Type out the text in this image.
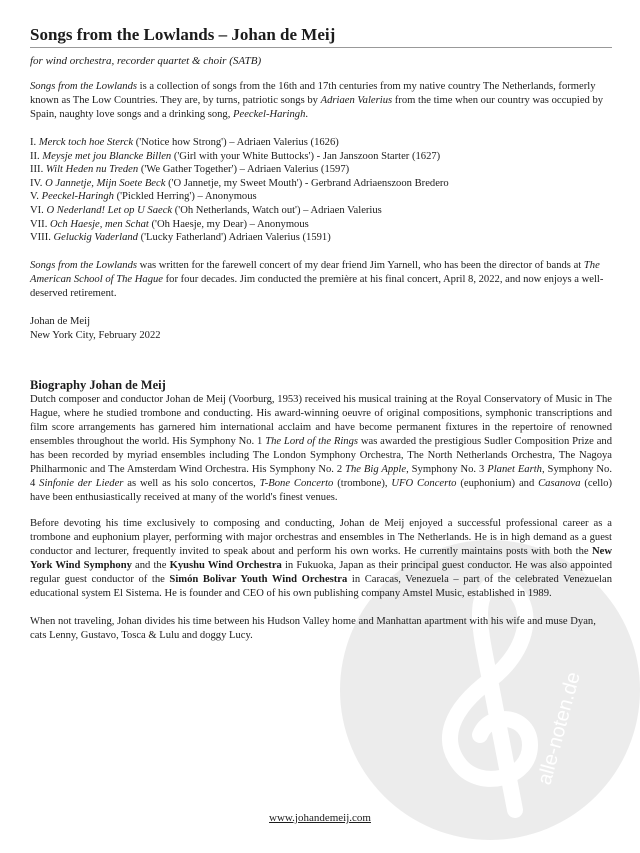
alle-noten.de
Songs from the Lowlands – Johan de Meij
for wind orchestra, recorder quartet & choir (SATB)

Songs from the Lowlands is a collection of songs from the 16th and 17th centuries from my native country The Netherlands, formerly known as The Low Countries. They are, by turns, patriotic songs by Adriaen Valerius from the time when our country was occupied by Spain, naughty love songs and a drinking song, Peeckel-Haringh.

I. Merck toch hoe Sterck ('Notice how Strong') – Adriaen Valerius (1626)
II. Meysje met jou Blancke Billen ('Girl with your White Buttocks') - Jan Janszoon Starter (1627)
III. Wilt Heden nu Treden ('We Gather Together') – Adriaen Valerius (1597)
IV. O Jannetje, Mijn Soete Beck ('O Jannetje, my Sweet Mouth') - Gerbrand Adriaenszoon Bredero
V. Peeckel-Haringh ('Pickled Herring') – Anonymous
VI. O Nederland! Let op U Saeck ('Oh Netherlands, Watch out') – Adriaen Valerius
VII. Och Haesje, men Schat ('Oh Haesje, my Dear) – Anonymous
VIII. Geluckig Vaderland ('Lucky Fatherland') Adriaen Valerius (1591)

Songs from the Lowlands was written for the farewell concert of my dear friend Jim Yarnell, who has been the director of bands at The American School of The Hague for four decades. Jim conducted the première at his final concert, April 8, 2022, and now enjoys a well-deserved retirement.

Johan de Meij

New York City, February 2022

Biography Johan de Meij

Dutch composer and conductor Johan de Meij (Voorburg, 1953) received his musical training at the Royal Conservatory of Music in The Hague, where he studied trombone and conducting. His award-winning oeuvre of original compositions, symphonic transcriptions and film score arrangements has garnered him international acclaim and have become permanent fixtures in the repertoire of renowned ensembles throughout the world. His Symphony No. 1 The Lord of the Rings was awarded the prestigious Sudler Composition Prize and has been recorded by myriad ensembles including The London Symphony Orchestra, The North Netherlands Orchestra, The Nagoya Philharmonic and The Amsterdam Wind Orchestra. His Symphony No. 2 The Big Apple, Symphony No. 3 Planet Earth, Symphony No. 4 Sinfonie der Lieder as well as his solo concertos, T-Bone Concerto (trombone), UFO Concerto (euphonium) and Casanova (cello) have been enthusiastically received at many of the world's finest venues.

Before devoting his time exclusively to composing and conducting, Johan de Meij enjoyed a successful professional career as a trombone and euphonium player, performing with major orchestras and ensembles in The Netherlands. He is in high demand as a guest conductor and lecturer, frequently invited to speak about and perform his own works. He currently maintains posts with both the New York Wind Symphony and the Kyushu Wind Orchestra in Fukuoka, Japan as their principal guest conductor. He was also appointed regular guest conductor of the Simón Bolivar Youth Wind Orchestra in Caracas, Venezuela – part of the celebrated Venezuelan educational system El Sistema. He is founder and CEO of his own publishing company Amstel Music, established in 1989.

When not traveling, Johan divides his time between his Hudson Valley home and Manhattan apartment with his wife and muse Dyan, cats Lenny, Gustavo, Tosca & Lulu and doggy Lucy.

www.johandemeij.com
